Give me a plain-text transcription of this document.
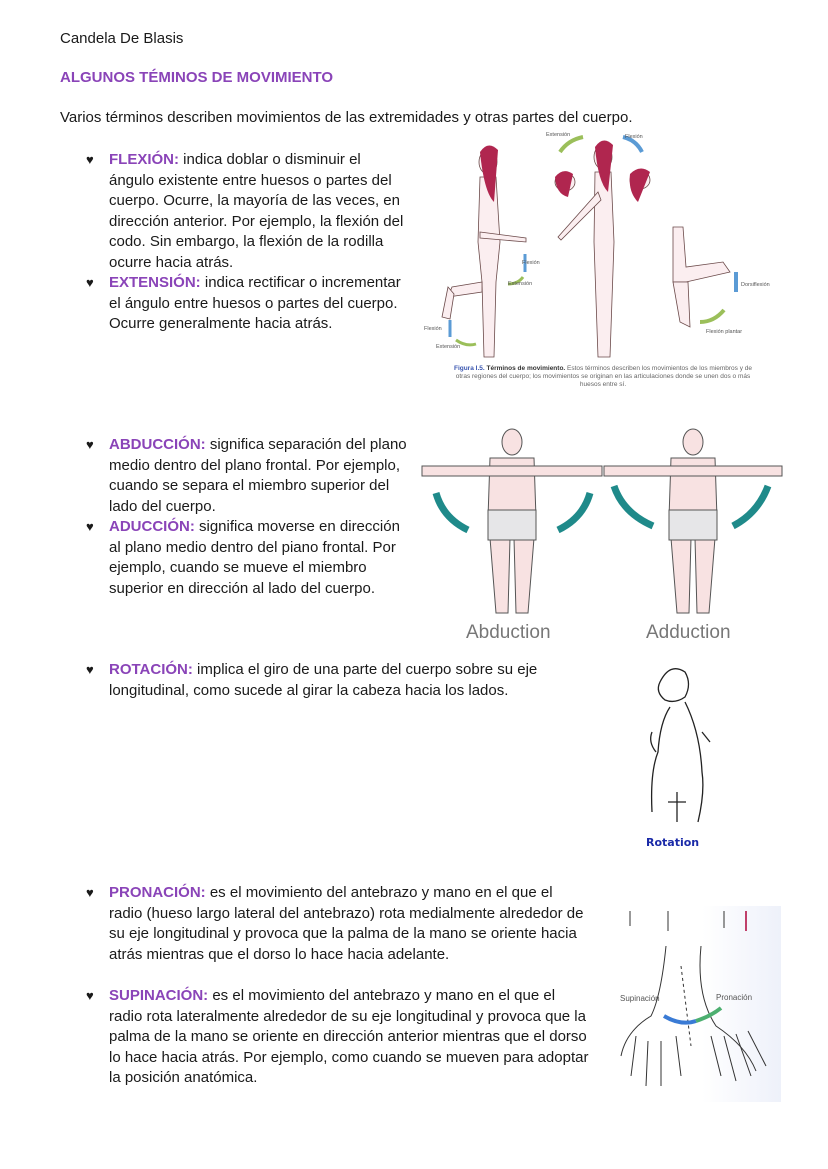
Candela De Blasis
ALGUNOS TÉMINOS DE MOVIMIENTO
Varios términos describen movimientos de las extremidades y otras partes del cuerpo.
♥ FLEXIÓN: indica doblar o disminuir el ángulo existente entre huesos o partes del cuerpo. Ocurre, la mayoría de las veces, en dirección anterior. Por ejemplo, la flexión del codo. Sin embargo, la flexión de la rodilla ocurre hacia atrás.
♥ EXTENSIÓN: indica rectificar o incrementar el ángulo entre huesos o partes del cuerpo. Ocurre generalmente hacia atrás.
♥ ABDUCCIÓN: significa separación del plano medio dentro del plano frontal. Por ejemplo, cuando se separa el miembro superior del lado del cuerpo.
♥ ADUCCIÓN: significa moverse en dirección al plano medio dentro del piano frontal. Por ejemplo, cuando se mueve el miembro superior en dirección al lado del cuerpo.
♥ ROTACIÓN: implica el giro de una parte del cuerpo sobre su eje longitudinal, como sucede al girar la cabeza hacia los lados.
♥ PRONACIÓN: es el movimiento del antebrazo y mano en el que el radio (hueso largo lateral del antebrazo) rota medialmente alrededor de su eje longitudinal y provoca que la palma de la mano se oriente hacia atrás mientras que el dorso lo hace hacia adelante.
♥ SUPINACIÓN: es el movimiento del antebrazo y mano en el que el radio rota lateralmente alrededor de su eje longitudinal y provoca que la palma de la mano se oriente en dirección anterior mientras que el dorso lo hace hacia atrás. Por ejemplo, como cuando se mueven para adoptar la posición anatómica.
Extensión	Flexión
Flexión
Extensión
Flexión
Extensión
Dorsiflexión
Flexión plantar
Figura I.5. Términos de movimiento. Estos términos describen los movimientos de los miembros y de otras regiones del cuerpo; los movimientos se originan en las articulaciones donde se unen dos o más huesos entre sí.
Abduction	Adduction
Rotation
Supinación	Pronación
